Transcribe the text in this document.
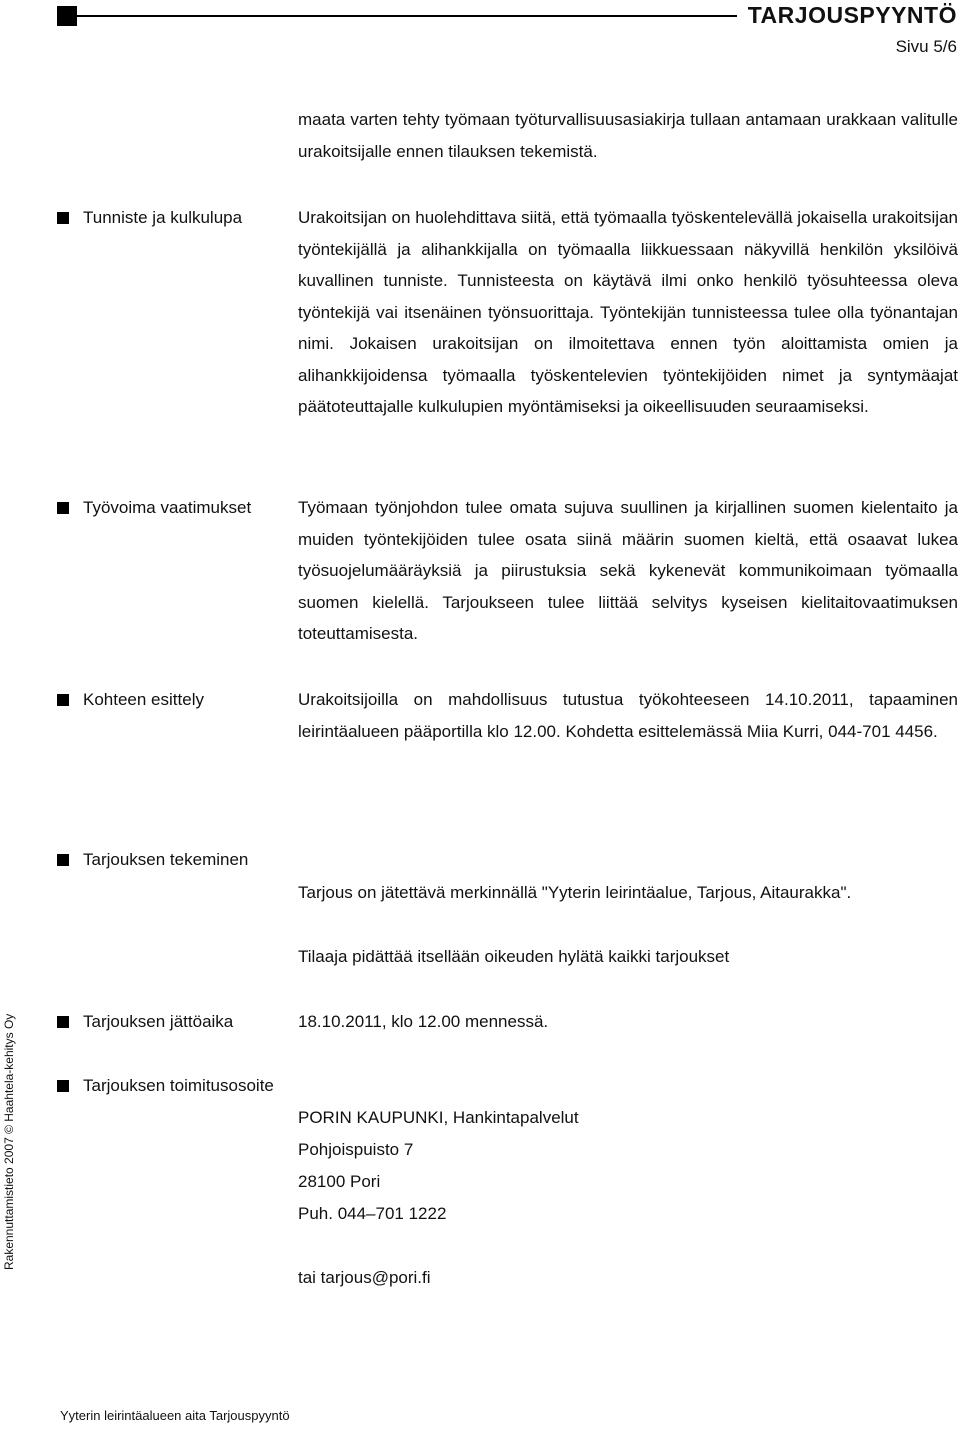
TARJOUSPYYNTÖ
Sivu 5/6
maata varten tehty työmaan työturvallisuusasiakirja tullaan antamaan urakkaan valitulle urakoitsijalle ennen tilauksen tekemistä.
Tunniste ja kulkulupa	Urakoitsijan on huolehdittava siitä, että työmaalla työskentelevällä jokaisella urakoitsijan työntekijällä ja alihankkijalla on työmaalla liikkuessaan näkyvillä henkilön yksilöivä kuvallinen tunniste. Tunnisteesta on käytävä ilmi onko henkilö työsuhteessa oleva työntekijä vai itsenäinen työnsuorittaja. Työntekijän tunnisteessa tulee olla työnantajan nimi. Jokaisen urakoitsijan on ilmoitettava ennen työn aloittamista omien ja alihankkijoidensa työmaalla työskentelevien työntekijöiden nimet ja syntymäajat päätoteuttajalle kulkulupien myöntämiseksi ja oikeellisuuden seuraamiseksi.
Työvoima vaatimukset	Työmaan työnjohdon tulee omata sujuva suullinen ja kirjallinen suomen kielentaito ja muiden työntekijöiden tulee osata siinä määrin suomen kieltä, että osaavat lukea työsuojelumääräyksiä ja piirustuksia sekä kykenevät kommunikoimaan työmaalla suomen kielellä. Tarjoukseen tulee liittää selvitys kyseisen kielitaitovaatimuksen toteuttamisesta.
Kohteen esittely	Urakoitsijoilla on mahdollisuus tutustua työkohteeseen 14.10.2011, tapaaminen leirintäalueen pääportilla klo 12.00. Kohdetta esittelemässä Miia Kurri, 044-701 4456.
Tarjouksen tekeminen
Tarjous on jätettävä merkinnällä "Yyterin leirintäalue, Tarjous, Aitaurakka".
Tilaaja pidättää itsellään oikeuden hylätä kaikki tarjoukset
Tarjouksen jättöaika	18.10.2011, klo 12.00 mennessä.
Tarjouksen toimitusosoite
PORIN KAUPUNKI, Hankintapalvelut
Pohjoispuisto 7
28100 Pori
Puh. 044–701 1222
tai tarjous@pori.fi
Rakennuttamistieto 2007 © Haahtela-kehitys Oy
Yyterin leirintäalueen aita Tarjouspyyntö
